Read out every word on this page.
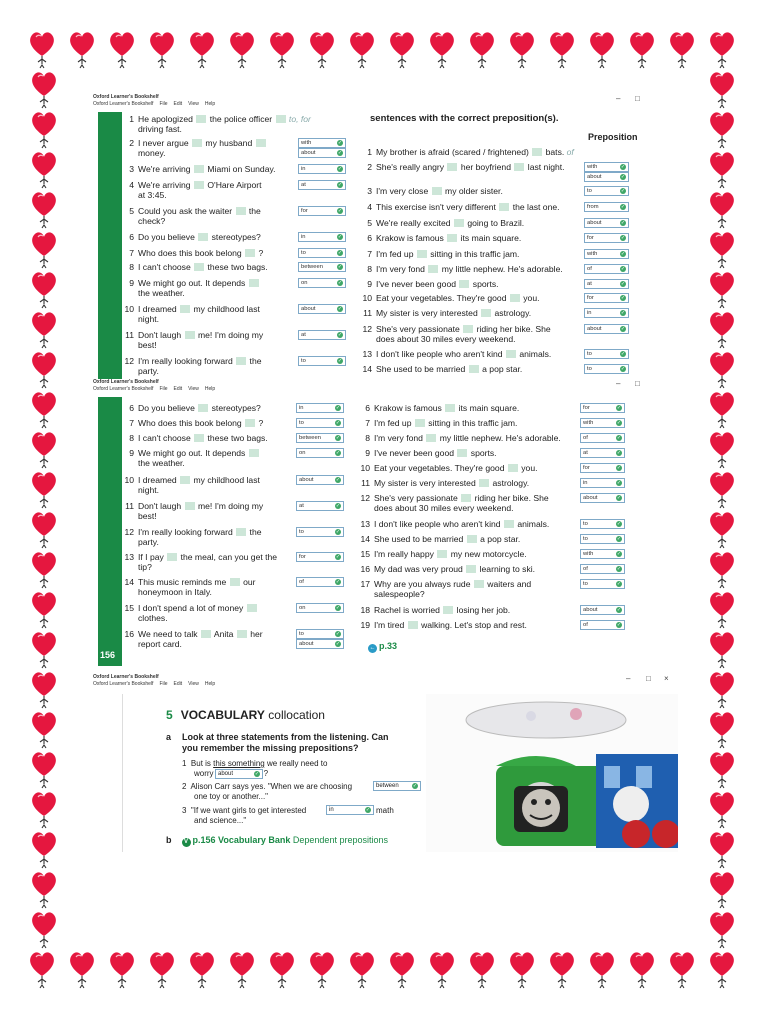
Oxford Learner's Bookshelf
Oxford Learner's Bookshelf File Edit View Help
– □
sentences with the correct preposition(s).
Preposition
1 He apologized  the police officer  to, for
driving fast.
2 I never argue  my husband
money.
with	✓
about	✓
3 We're arriving  Miami on Sunday.	in	✓
4 We're arriving  O'Hare Airport
at 3:45.
at	✓
5 Could you ask the waiter  the
check?
for	✓
6 Do you believe  stereotypes?	in	✓
7 Who does this book belong  ?	to	✓
8 I can't choose  these two bags.	between	✓
9 We might go out. It depends
the weather.
on	✓
10 I dreamed  my childhood last
night.
about	✓
11 Don't laugh  me! I'm doing my
best!
at	✓
12 I'm really looking forward  the
party.
to	✓
1 My brother is afraid (scared / frightened)  bats. of
2 She's really angry  her boyfriend  last night.	with	✓
about	✓
3 I'm very close  my older sister.	to	✓
4 This exercise isn't very different  the last one.	from	✓
5 We're really excited  going to Brazil.	about	✓
6 Krakow is famous  its main square.	for	✓
7 I'm fed up  sitting in this traffic jam.	with	✓
8 I'm very fond  my little nephew. He's adorable.	of	✓
9 I've never been good  sports.	at	✓
10 Eat your vegetables. They're good  you.	for	✓
11 My sister is very interested  astrology.	in	✓
12 She's very passionate  riding her bike. She
does about 30 miles every weekend.
about	✓
13 I don't like people who aren't kind  animals.	to	✓
14 She used to be married  a pop star.	to	✓
Oxford Learner's Bookshelf
Oxford Learner's Bookshelf File Edit View Help
– □
156
← p.33
6 Do you believe  stereotypes?	in	✓
7 Who does this book belong  ?	to	✓
8 I can't choose  these two bags.	between	✓
9 We might go out. It depends
the weather.
on	✓
10 I dreamed  my childhood last
night.
about	✓
11 Don't laugh  me! I'm doing my
best!
at	✓
12 I'm really looking forward  the
party.
to	✓
13 If I pay  the meal, can you get the
tip?
for	✓
14 This music reminds me  our
honeymoon in Italy.
of	✓
15 I don't spend a lot of money
clothes.
on	✓
16 We need to talk  Anita  her
report card.
to	✓
about	✓
6 Krakow is famous  its main square.	for	✓
7 I'm fed up  sitting in this traffic jam.	with	✓
8 I'm very fond  my little nephew. He's adorable.	of	✓
9 I've never been good  sports.	at	✓
10 Eat your vegetables. They're good  you.	for	✓
11 My sister is very interested  astrology.	in	✓
12 She's very passionate  riding her bike. She
does about 30 miles every weekend.
about	✓
13 I don't like people who aren't kind  animals.	to	✓
14 She used to be married  a pop star.	to	✓
15 I'm really happy  my new motorcycle.	with	✓
16 My dad was very proud  learning to ski.	of	✓
17 Why are you always rude  waiters and
salespeople?
to	✓
18 Rachel is worried  losing her job.	about	✓
19 I'm tired  walking. Let's stop and rest.	of	✓
Oxford Learner's Bookshelf
Oxford Learner's Bookshelf File Edit View Help
– □ ×
5 VOCABULARY collocation
a Look at three statements from the listening. Can
you remember the missing prepositions?
1 But is this something we really need to
worry	?
about	✓
2 Alison Carr says yes. "When we are choosing	between	✓
one toy or another..."
3 "If we want girls to get interested	in	✓ math
and science..."
b V p.156 Vocabulary Bank Dependent prepositions
